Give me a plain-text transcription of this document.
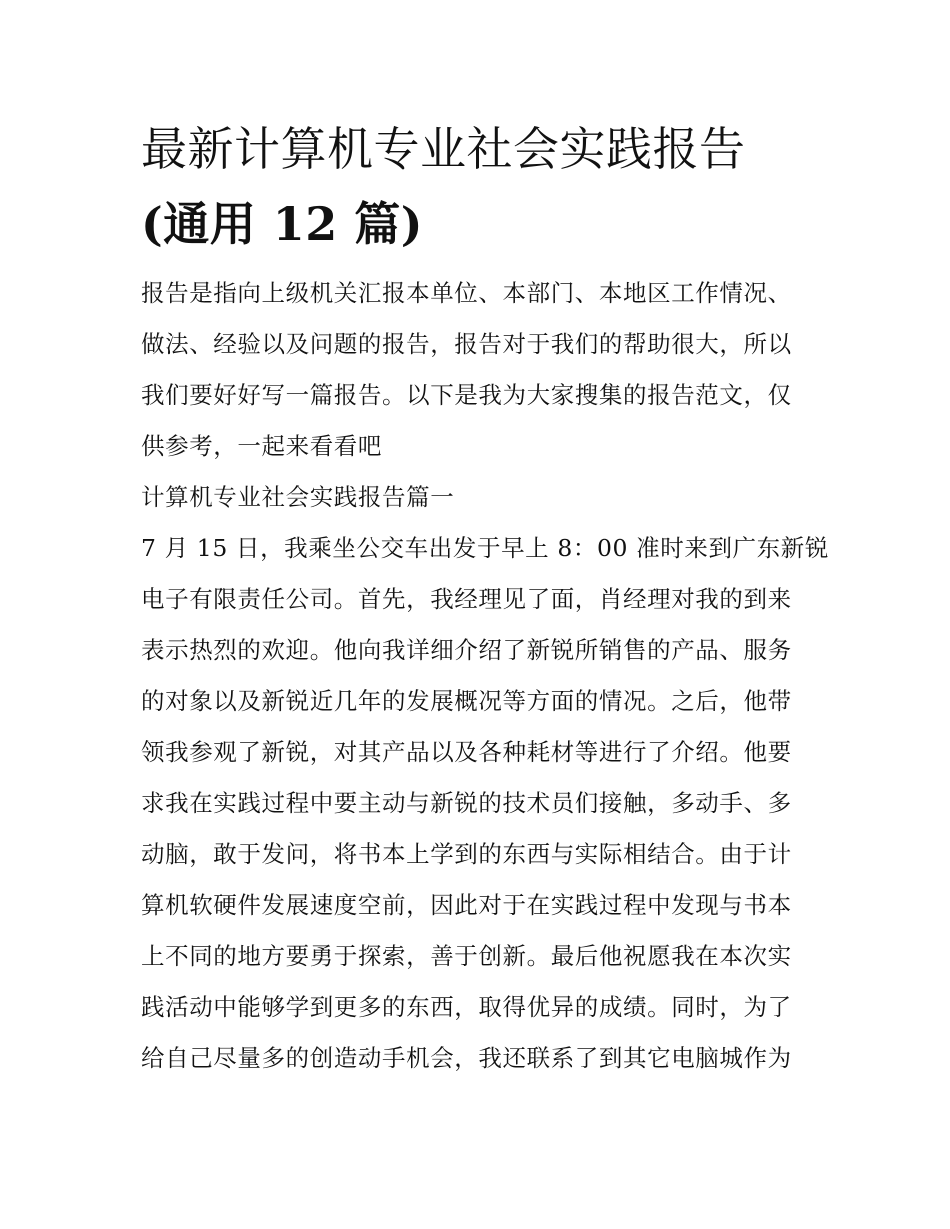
最新计算机专业社会实践报告
(通用 12 篇)

报告是指向上级机关汇报本单位、本部门、本地区工作情况、
做法、经验以及问题的报告，报告对于我们的帮助很大，所以
我们要好好写一篇报告。以下是我为大家搜集的报告范文，仅
供参考，一起来看看吧

计算机专业社会实践报告篇一

7 月 15 日，我乘坐公交车出发于早上 8：00 准时来到广东新锐
电子有限责任公司。首先，我经理见了面，肖经理对我的到来
表示热烈的欢迎。他向我详细介绍了新锐所销售的产品、服务
的对象以及新锐近几年的发展概况等方面的情况。之后，他带
领我参观了新锐，对其产品以及各种耗材等进行了介绍。他要
求我在实践过程中要主动与新锐的技术员们接触，多动手、多
动脑，敢于发问，将书本上学到的东西与实际相结合。由于计
算机软硬件发展速度空前，因此对于在实践过程中发现与书本
上不同的地方要勇于探索，善于创新。最后他祝愿我在本次实
践活动中能够学到更多的东西，取得优异的成绩。同时，为了
给自己尽量多的创造动手机会，我还联系了到其它电脑城作为
